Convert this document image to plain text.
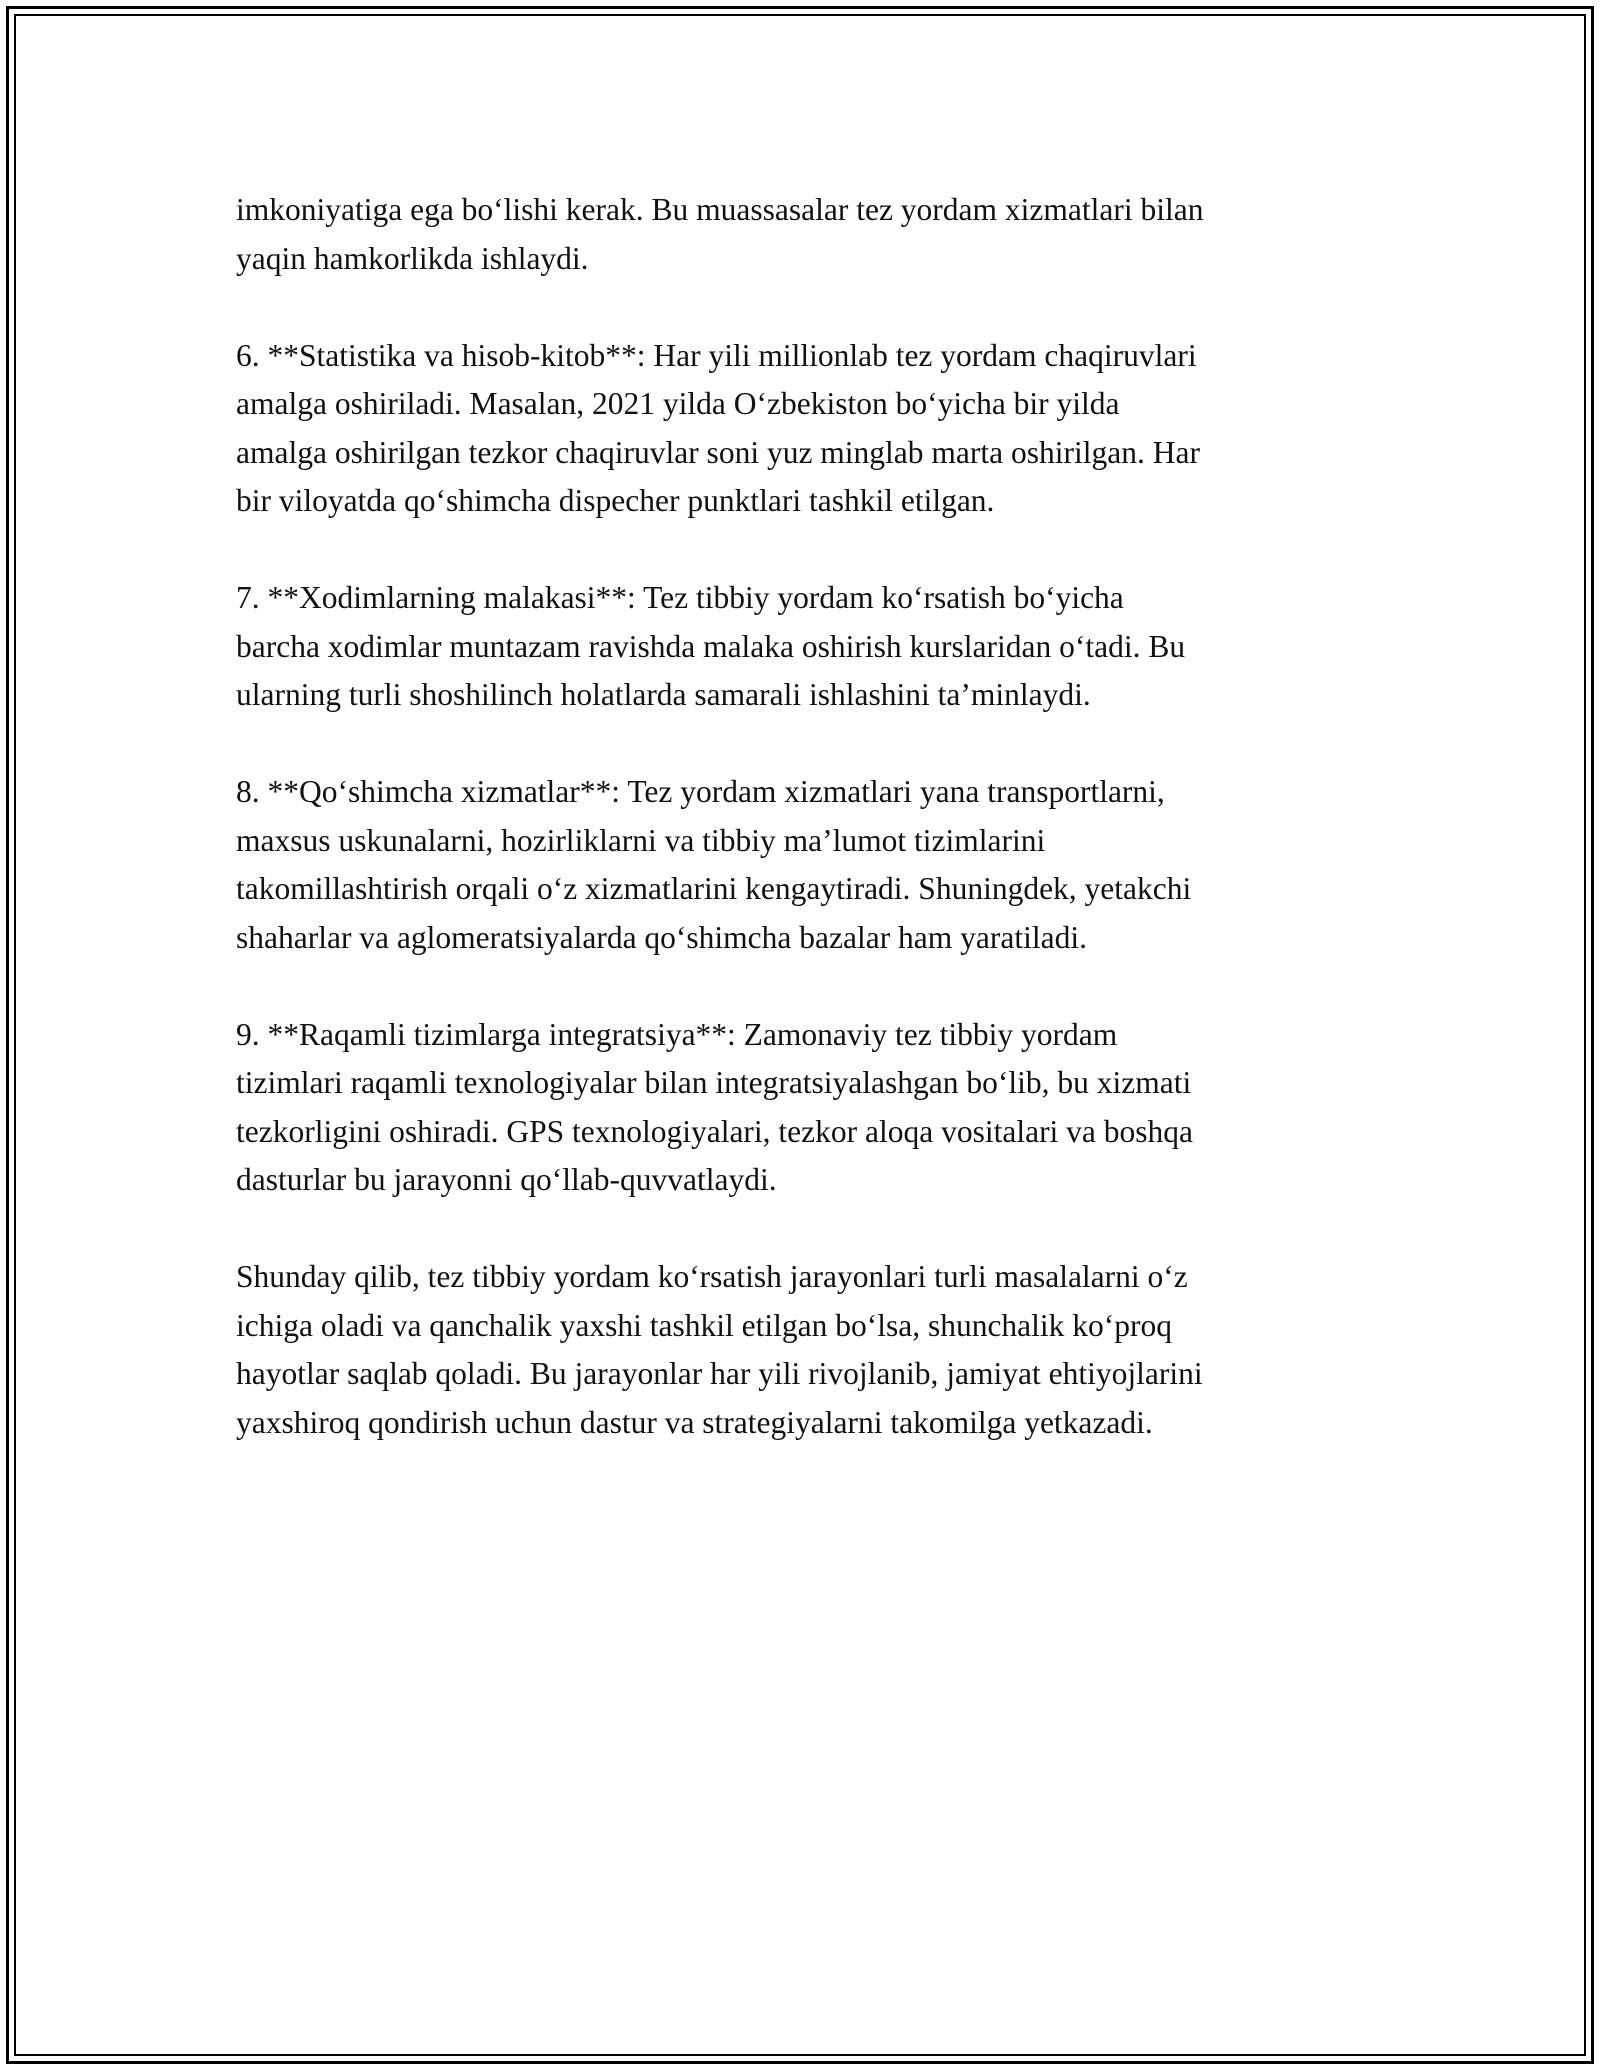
imkoniyatiga ega bo‘lishi kerak. Bu muassasalar tez yordam xizmatlari bilan
yaqin hamkorlikda ishlaydi.

6. **Statistika va hisob-kitob**: Har yili millionlab tez yordam chaqiruvlari
amalga oshiriladi. Masalan, 2021 yilda O‘zbekiston bo‘yicha bir yilda
amalga oshirilgan tezkor chaqiruvlar soni yuz minglab marta oshirilgan. Har
bir viloyatda qo‘shimcha dispecher punktlari tashkil etilgan.

7. **Xodimlarning malakasi**: Tez tibbiy yordam ko‘rsatish bo‘yicha
barcha xodimlar muntazam ravishda malaka oshirish kurslaridan o‘tadi. Bu
ularning turli shoshilinch holatlarda samarali ishlashini ta’minlaydi.

8. **Qo‘shimcha xizmatlar**: Tez yordam xizmatlari yana transportlarni,
maxsus uskunalarni, hozirliklarni va tibbiy ma’lumot tizimlarini
takomillashtirish orqali o‘z xizmatlarini kengaytiradi. Shuningdek, yetakchi
shaharlar va aglomeratsiyalarda qo‘shimcha bazalar ham yaratiladi.

9. **Raqamli tizimlarga integratsiya**: Zamonaviy tez tibbiy yordam
tizimlari raqamli texnologiyalar bilan integratsiyalashgan bo‘lib, bu xizmati
tezkorligini oshiradi. GPS texnologiyalari, tezkor aloqa vositalari va boshqa
dasturlar bu jarayonni qo‘llab-quvvatlaydi.

Shunday qilib, tez tibbiy yordam ko‘rsatish jarayonlari turli masalalarni o‘z
ichiga oladi va qanchalik yaxshi tashkil etilgan bo‘lsa, shunchalik ko‘proq
hayotlar saqlab qoladi. Bu jarayonlar har yili rivojlanib, jamiyat ehtiyojlarini
yaxshiroq qondirish uchun dastur va strategiyalarni takomilga yetkazadi.
